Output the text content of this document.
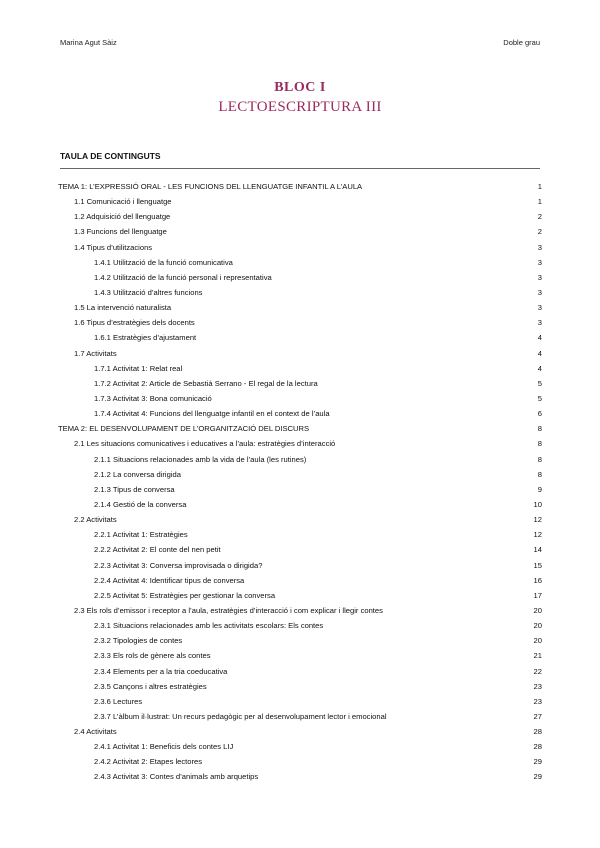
Marina Agut Sàiz	Doble grau
BLOC I
LECTOESCRIPTURA III
TAULA DE CONTINGUTS
TEMA 1: L’EXPRESSIÓ ORAL - LES FUNCIONS DEL LLENGUATGE INFANTIL A L’AULA	1
1.1 Comunicació i llenguatge	1
1.2 Adquisició del llenguatge	2
1.3 Funcions del llenguatge	2
1.4 Tipus d’utilitzacions	3
1.4.1 Utilització de la funció comunicativa	3
1.4.2 Utilització de la funció personal i representativa	3
1.4.3 Utilització d’altres funcions	3
1.5 La intervenció naturalista	3
1.6 Tipus d’estratègies dels docents	3
1.6.1 Estratègies d’ajustament	4
1.7 Activitats	4
1.7.1 Activitat 1: Relat real	4
1.7.2 Activitat 2: Article de Sebastià Serrano - El regal de la lectura	5
1.7.3 Activitat 3: Bona comunicació	5
1.7.4 Activitat 4: Funcions del llenguatge infantil en el context de l’aula	6
TEMA 2: EL DESENVOLUPAMENT DE L’ORGANITZACIÓ DEL DISCURS	8
2.1 Les situacions comunicatives i educatives a l’aula: estratègies d’interacció	8
2.1.1 Situacions relacionades amb la vida de l’aula (les rutines)	8
2.1.2 La conversa dirigida	8
2.1.3 Tipus de conversa	9
2.1.4 Gestió de la conversa	10
2.2 Activitats	12
2.2.1 Activitat 1: Estratègies	12
2.2.2 Activitat 2: El conte del nen petit	14
2.2.3 Activitat 3: Conversa improvisada o dirigida?	15
2.2.4 Activitat 4: Identificar tipus de conversa	16
2.2.5 Activitat 5: Estratègies per gestionar la conversa	17
2.3 Els rols d’emissor i receptor a l’aula, estratègies d’interacció i com explicar i llegir contes	20
2.3.1 Situacions relacionades amb les activitats escolars: Els contes	20
2.3.2 Tipologies de contes	20
2.3.3 Els rols de gènere als contes	21
2.3.4 Elements per a la tria coeducativa	22
2.3.5 Cançons i altres estratègies	23
2.3.6 Lectures	23
2.3.7 L’àlbum il·lustrat: Un recurs pedagògic per al desenvolupament lector i emocional	27
2.4 Activitats	28
2.4.1 Activitat 1: Beneficis dels contes LIJ	28
2.4.2 Activitat 2: Etapes lectores	29
2.4.3 Activitat 3: Contes d’animals amb arquetips	29
